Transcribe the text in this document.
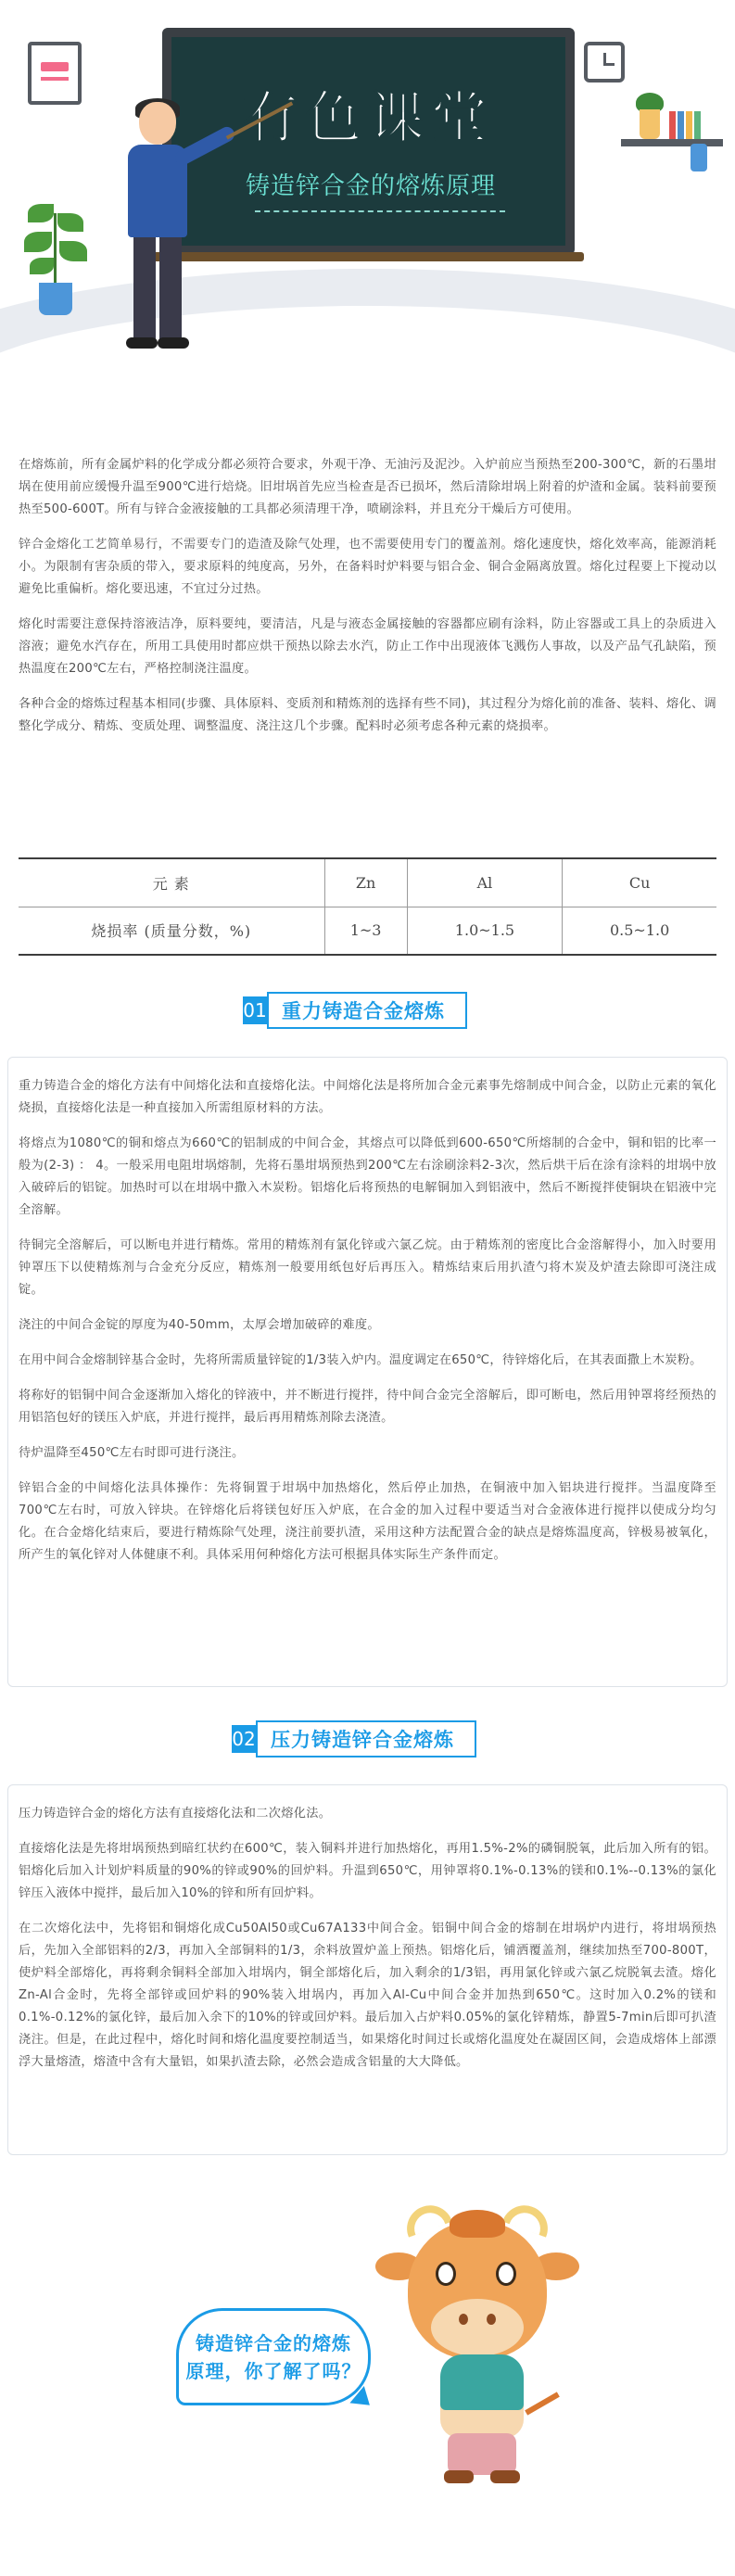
有色课堂
铸造锌合金的熔炼原理

在熔炼前，所有金属炉料的化学成分都必须符合要求，外观干净、无油污及泥沙。入炉前应当预热至200-300℃，新的石墨坩埚在使用前应缓慢升温至900℃进行焙烧。旧坩埚首先应当检查是否已损坏，然后清除坩埚上附着的炉渣和金属。装料前要预热至500-600T。所有与锌合金液接触的工具都必须清理干净，喷刷涂料，并且充分干燥后方可使用。

锌合金熔化工艺简单易行，不需要专门的造渣及除气处理，也不需要使用专门的覆盖剂。熔化速度快，熔化效率高，能源消耗小。为限制有害杂质的带入，要求原料的纯度高，另外，在备料时炉料要与铝合金、铜合金隔离放置。熔化过程要上下搅动以避免比重偏析。熔化要迅速，不宜过分过热。

熔化时需要注意保持溶液洁净，原料要纯，要清洁，凡是与液态金属接触的容器都应刷有涂料，防止容器或工具上的杂质进入溶液；避免水汽存在，所用工具使用时都应烘干预热以除去水汽，防止工作中出现液体飞溅伤人事故，以及产品气孔缺陷，预热温度在200℃左右，严格控制浇注温度。

各种合金的熔炼过程基本相同(步骤、具体原料、变质剂和精炼剂的选择有些不同)，其过程分为熔化前的准备、装料、熔化、调整化学成分、精炼、变质处理、调整温度、浇注这几个步骤。配料时必须考虑各种元素的烧损率。

元 素	Zn	Al	Cu
烧损率 (质量分数，%)	1~3	1.0~1.5	0.5~1.0
01 重力铸造合金熔炼

重力铸造合金的熔化方法有中间熔化法和直接熔化法。中间熔化法是将所加合金元素事先熔制成中间合金，以防止元素的氧化烧损，直接熔化法是一种直接加入所需组原材料的方法。

将熔点为1080℃的铜和熔点为660℃的铝制成的中间合金，其熔点可以降低到600-650℃所熔制的合金中，铜和铝的比率一般为(2-3) ： 4。一般采用电阻坩埚熔制，先将石墨坩埚预热到200℃左右涂刷涂料2-3次，然后烘干后在涂有涂料的坩埚中放入破碎后的铝锭。加热时可以在坩埚中撒入木炭粉。铝熔化后将预热的电解铜加入到铝液中，然后不断搅拌使铜块在铝液中完全溶解。

待铜完全溶解后，可以断电并进行精炼。常用的精炼剂有氯化锌或六氯乙烷。由于精炼剂的密度比合金溶解得小，加入时要用钟罩压下以使精炼剂与合金充分反应，精炼剂一般要用纸包好后再压入。精炼结束后用扒渣勺将木炭及炉渣去除即可浇注成锭。

浇注的中间合金锭的厚度为40-50mm，太厚会增加破碎的难度。

在用中间合金熔制锌基合金时，先将所需质量锌锭的1/3装入炉内。温度调定在650℃，待锌熔化后，在其表面撒上木炭粉。

将称好的铝铜中间合金逐渐加入熔化的锌液中，并不断进行搅拌，待中间合金完全溶解后，即可断电，然后用钟罩将经预热的用铝箔包好的镁压入炉底，并进行搅拌，最后再用精炼剂除去浇渣。

待炉温降至450℃左右时即可进行浇注。

锌铝合金的中间熔化法具体操作：先将铜置于坩埚中加热熔化，然后停止加热，在铜液中加入铝块进行搅拌。当温度降至700℃左右时，可放入锌块。在锌熔化后将镁包好压入炉底，在合金的加入过程中要适当对合金液体进行搅拌以使成分均匀化。在合金熔化结束后，要进行精炼除气处理，浇注前要扒渣，采用这种方法配置合金的缺点是熔炼温度高，锌极易被氧化，所产生的氧化锌对人体健康不利。具体采用何种熔化方法可根据具体实际生产条件而定。

02 压力铸造锌合金熔炼

压力铸造锌合金的熔化方法有直接熔化法和二次熔化法。

直接熔化法是先将坩埚预热到暗红状约在600℃，装入铜料并进行加热熔化，再用1.5%-2%的磷铜脱氧，此后加入所有的铝。铝熔化后加入计划炉料质量的90%的锌或90%的回炉料。升温到650℃，用钟罩将0.1%-0.13%的镁和0.1%--0.13%的氯化锌压入液体中搅拌，最后加入10%的锌和所有回炉料。

在二次熔化法中，先将铝和铜熔化成Cu50Al50或Cu67A133中间合金。铝铜中间合金的熔制在坩埚炉内进行，将坩埚预热后，先加入全部铝料的2/3，再加入全部铜料的1/3，余料放置炉盖上预热。铝熔化后，铺洒覆盖剂，继续加热至700-800T，使炉料全部熔化，再将剩余铜料全部加入坩埚内，铜全部熔化后，加入剩余的1/3铝，再用氯化锌或六氯乙烷脱氧去渣。熔化Zn-Al合金时，先将全部锌或回炉料的90%装入坩埚内，再加入Al-Cu中间合金并加热到650℃。这时加入0.2%的镁和0.1%-0.12%的氯化锌，最后加入余下的10%的锌或回炉料。最后加入占炉料0.05%的氯化锌精炼，静置5-7min后即可扒渣浇注。但是，在此过程中，熔化时间和熔化温度要控制适当，如果熔化时间过长或熔化温度处在凝固区间，会造成熔体上部漂浮大量熔渣，熔渣中含有大量铝，如果扒渣去除，必然会造成含铝量的大大降低。

铸造锌合金的熔炼
原理，你了解了吗？
